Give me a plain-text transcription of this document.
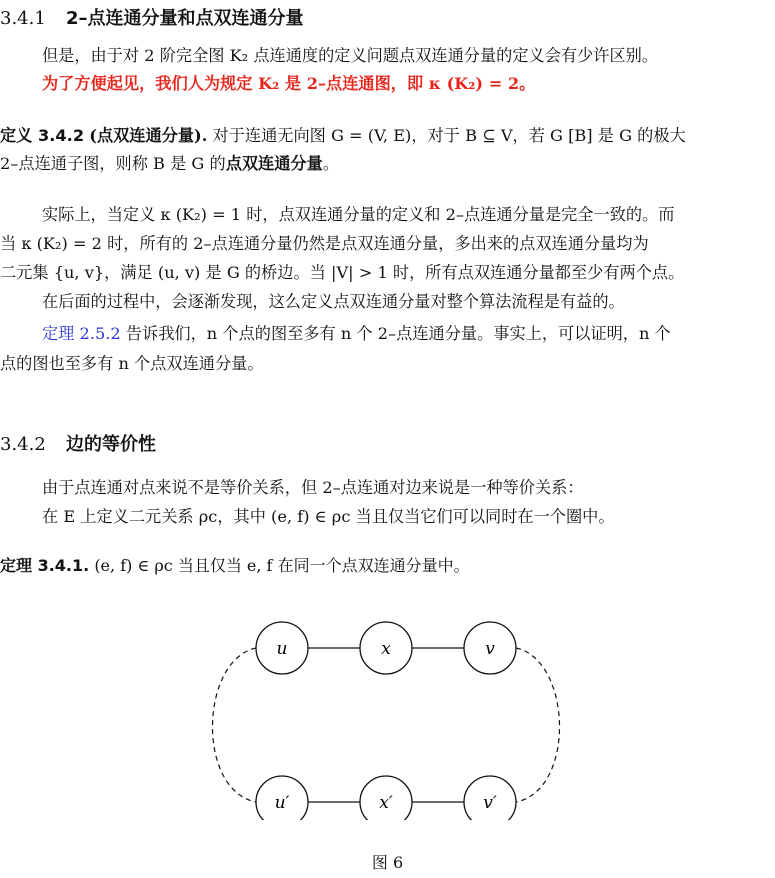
3.4.1 2–点连通分量和点双连通分量
但是，由于对 2 阶完全图 K₂ 点连通度的定义问题点双连通分量的定义会有少许区别。
为了方便起见，我们人为规定 K₂ 是 2–点连通图，即 κ (K₂) = 2。
定义 3.4.2 (点双连通分量). 对于连通无向图 G = (V, E)，对于 B ⊆ V，若 G [B] 是 G 的极大
2–点连通子图，则称 B 是 G 的点双连通分量。
实际上，当定义 κ (K₂) = 1 时，点双连通分量的定义和 2–点连通分量是完全一致的。而
当 κ (K₂) = 2 时，所有的 2–点连通分量仍然是点双连通分量，多出来的点双连通分量均为
二元集 {u, v}，满足 (u, v) 是 G 的桥边。当 |V| > 1 时，所有点双连通分量都至少有两个点。
在后面的过程中，会逐渐发现，这么定义点双连通分量对整个算法流程是有益的。
定理 2.5.2 告诉我们，n 个点的图至多有 n 个 2–点连通分量。事实上，可以证明，n 个
点的图也至多有 n 个点双连通分量。
3.4.2 边的等价性
由于点连通对点来说不是等价关系，但 2–点连通对边来说是一种等价关系：
在 E 上定义二元关系 ρc，其中 (e, f) ∈ ρc 当且仅当它们可以同时在一个圈中。
定理 3.4.1. (e, f) ∈ ρc 当且仅当 e, f 在同一个点双连通分量中。
u	x	v
u′	x′	v′
图 6
